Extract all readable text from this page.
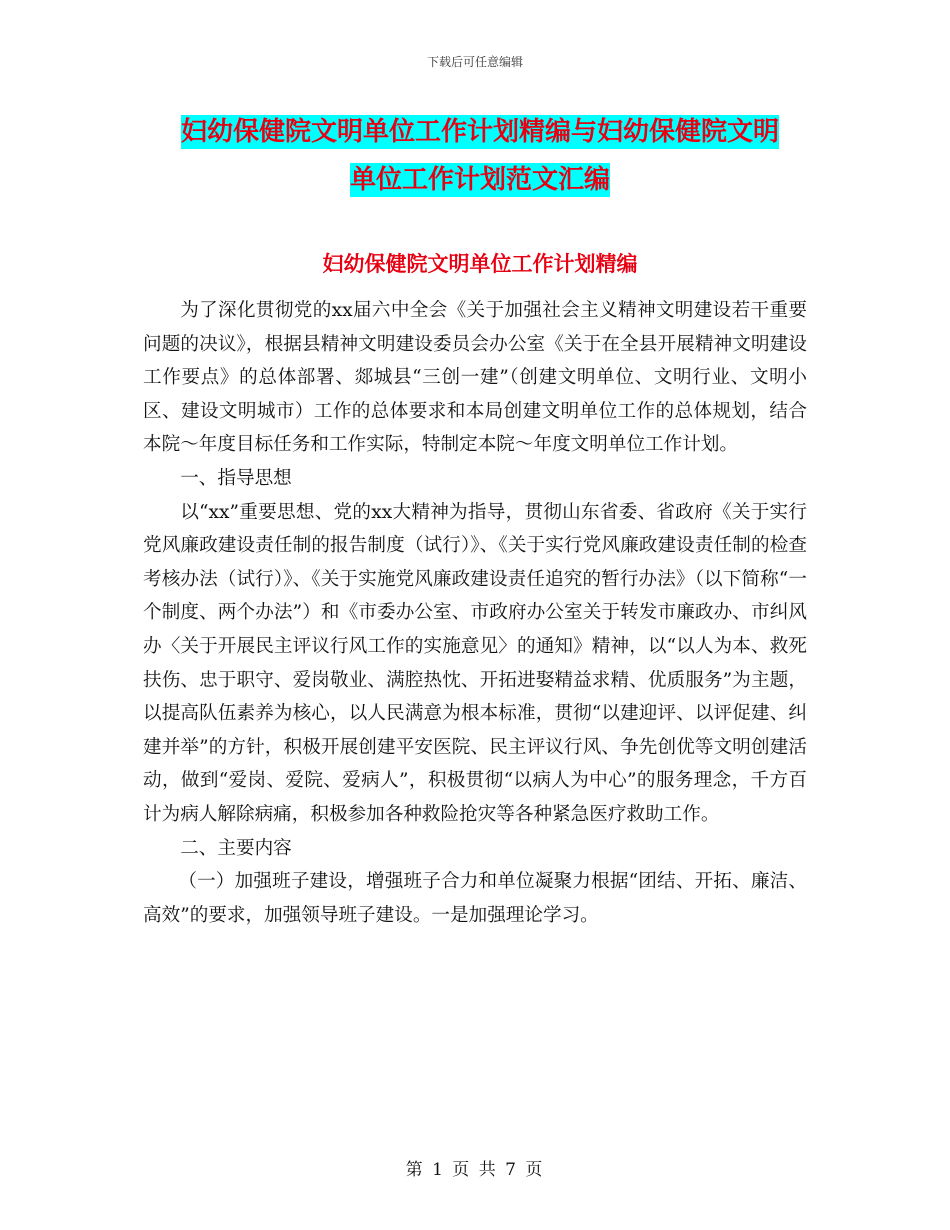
下载后可任意编辑
妇幼保健院文明单位工作计划精编与妇幼保健院文明
单位工作计划范文汇编
妇幼保健院文明单位工作计划精编

为了深化贯彻党的xx届六中全会《关于加强社会主义精神文明建设若干重要问题的决议》，根据县精神文明建设委员会办公室《关于在全县开展精神文明建设工作要点》的总体部署、郯城县“三创一建”（创建文明单位、文明行业、文明小区、建设文明城市）工作的总体要求和本局创建文明单位工作的总体规划，结合本院～年度目标任务和工作实际，特制定本院～年度文明单位工作计划。

一、指导思想

以“xx”重要思想、党的xx大精神为指导，贯彻山东省委、省政府《关于实行党风廉政建设责任制的报告制度（试行）》、《关于实行党风廉政建设责任制的检查考核办法（试行）》、《关于实施党风廉政建设责任追究的暂行办法》（以下简称“一个制度、两个办法”）和《市委办公室、市政府办公室关于转发市廉政办、市纠风办〈关于开展民主评议行风工作的实施意见〉的通知》精神，以“以人为本、救死扶伤、忠于职守、爱岗敬业、满腔热忱、开拓进娶精益求精、优质服务”为主题，以提高队伍素养为核心，以人民满意为根本标准，贯彻“以建迎评、以评促建、纠建并举”的方针，积极开展创建平安医院、民主评议行风、争先创优等文明创建活动，做到“爱岗、爱院、爱病人”，积极贯彻“以病人为中心”的服务理念，千方百计为病人解除病痛，积极参加各种救险抢灾等各种紧急医疗救助工作。

二、主要内容

（一）加强班子建设，增强班子合力和单位凝聚力根据“团结、开拓、廉洁、高效”的要求，加强领导班子建设。一是加强理论学习。

第 1 页 共 7 页
